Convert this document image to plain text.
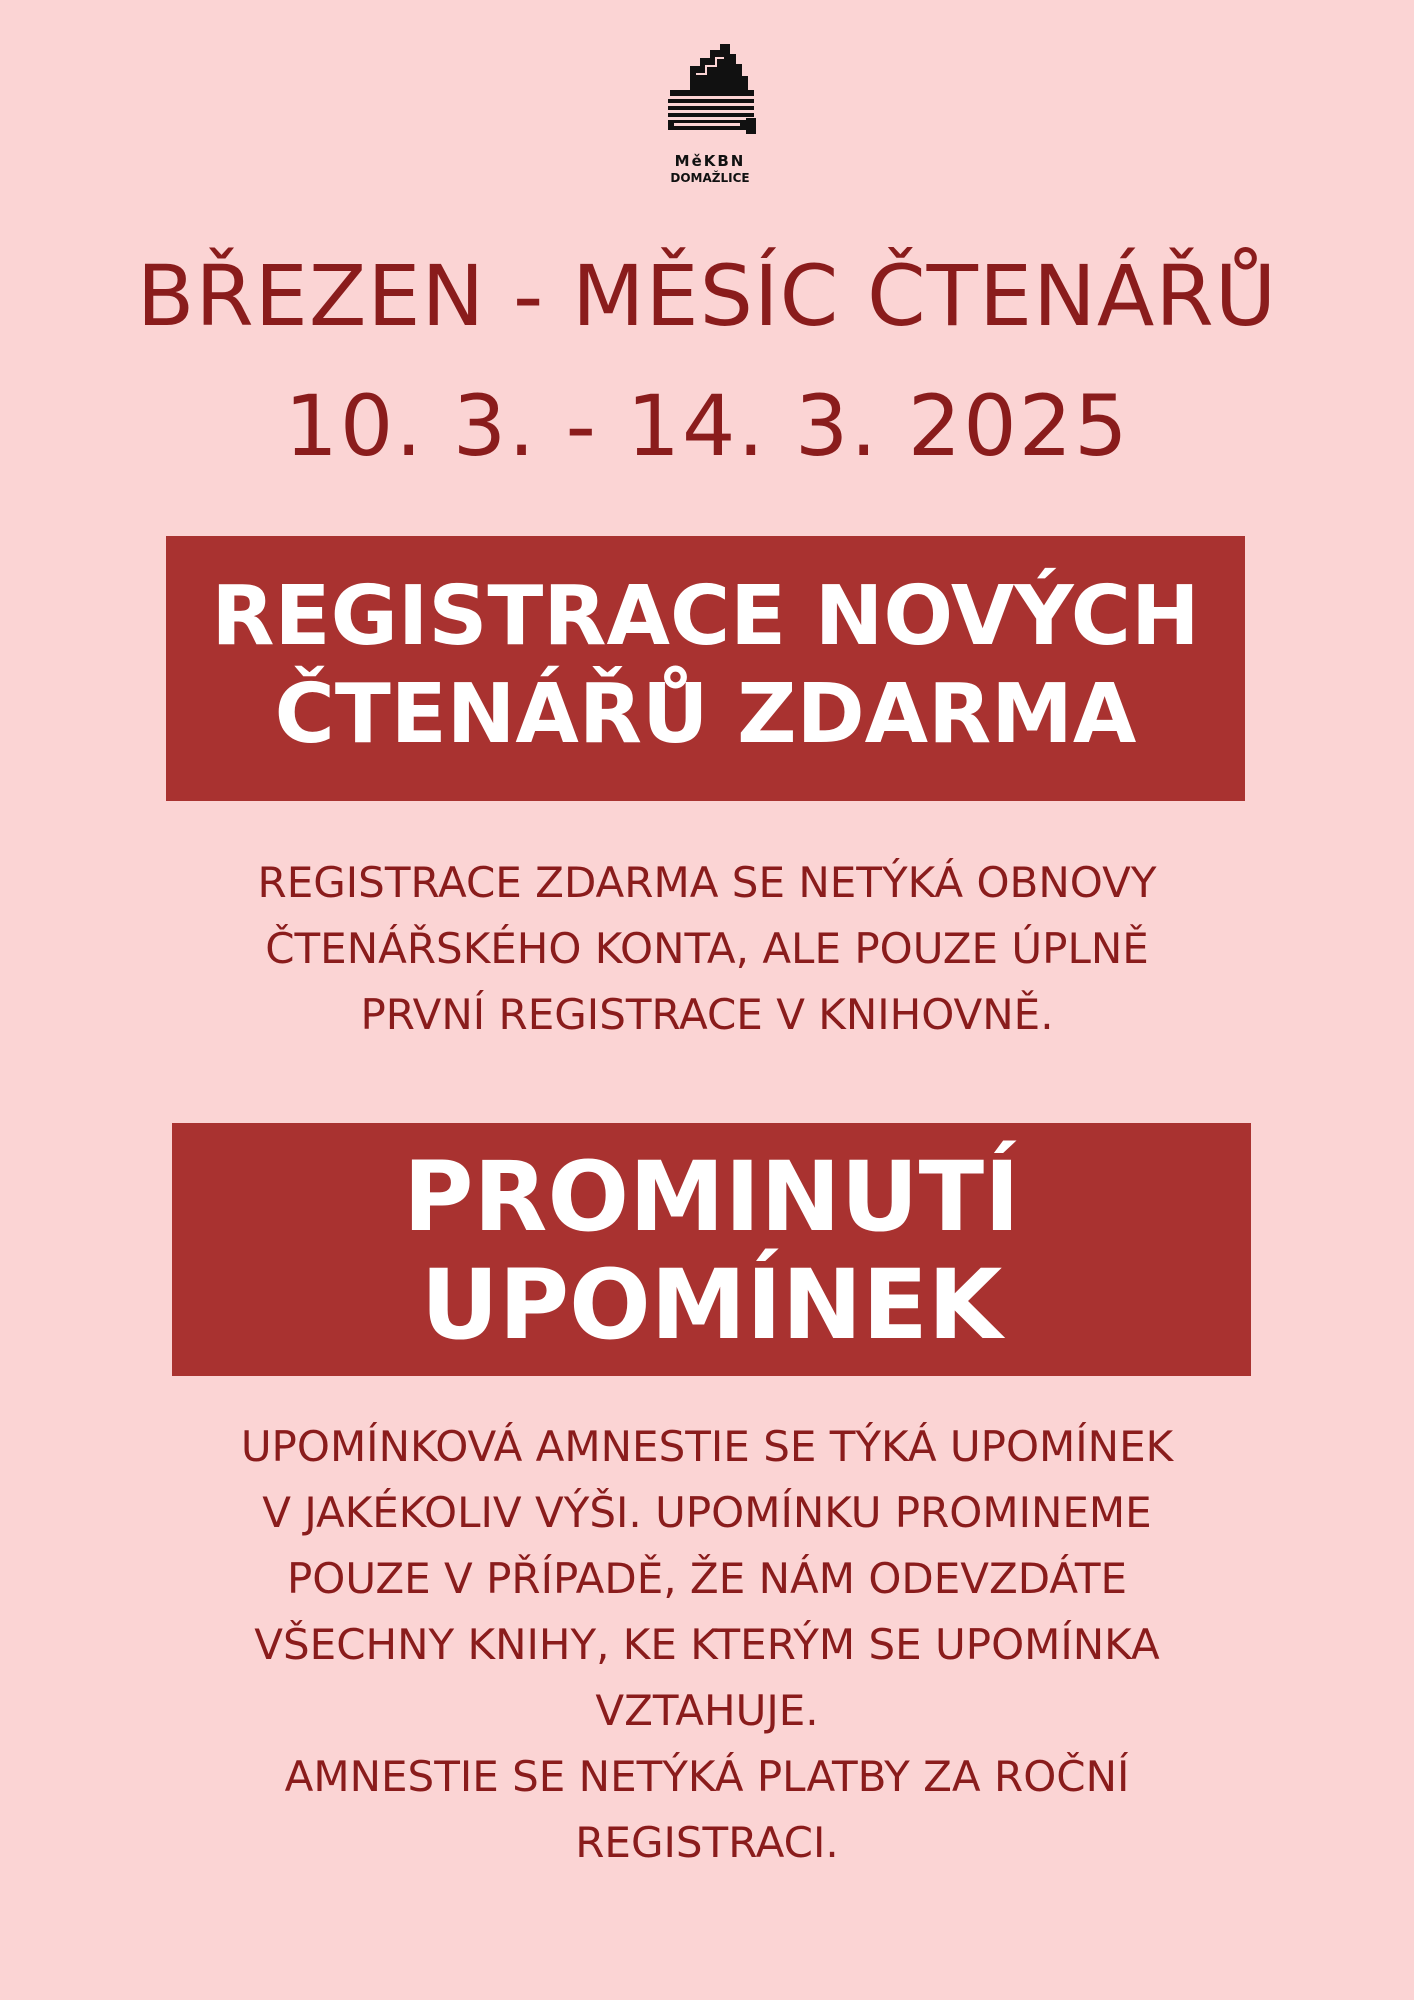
MěKBN
DOMAŽLICE
BŘEZEN - MĚSÍC ČTENÁŘŮ
10. 3. - 14. 3. 2025
REGISTRACE NOVÝCH
ČTENÁŘŮ ZDARMA
REGISTRACE ZDARMA SE NETÝKÁ OBNOVY
ČTENÁŘSKÉHO KONTA, ALE POUZE ÚPLNĚ
PRVNÍ REGISTRACE V KNIHOVNĚ.
PROMINUTÍ
UPOMÍNEK
UPOMÍNKOVÁ AMNESTIE SE TÝKÁ UPOMÍNEK
V JAKÉKOLIV VÝŠI. UPOMÍNKU PROMINEME
POUZE V PŘÍPADĚ, ŽE NÁM ODEVZDÁTE
VŠECHNY KNIHY, KE KTERÝM SE UPOMÍNKA
VZTAHUJE.
AMNESTIE SE NETÝKÁ PLATBY ZA ROČNÍ
REGISTRACI.
